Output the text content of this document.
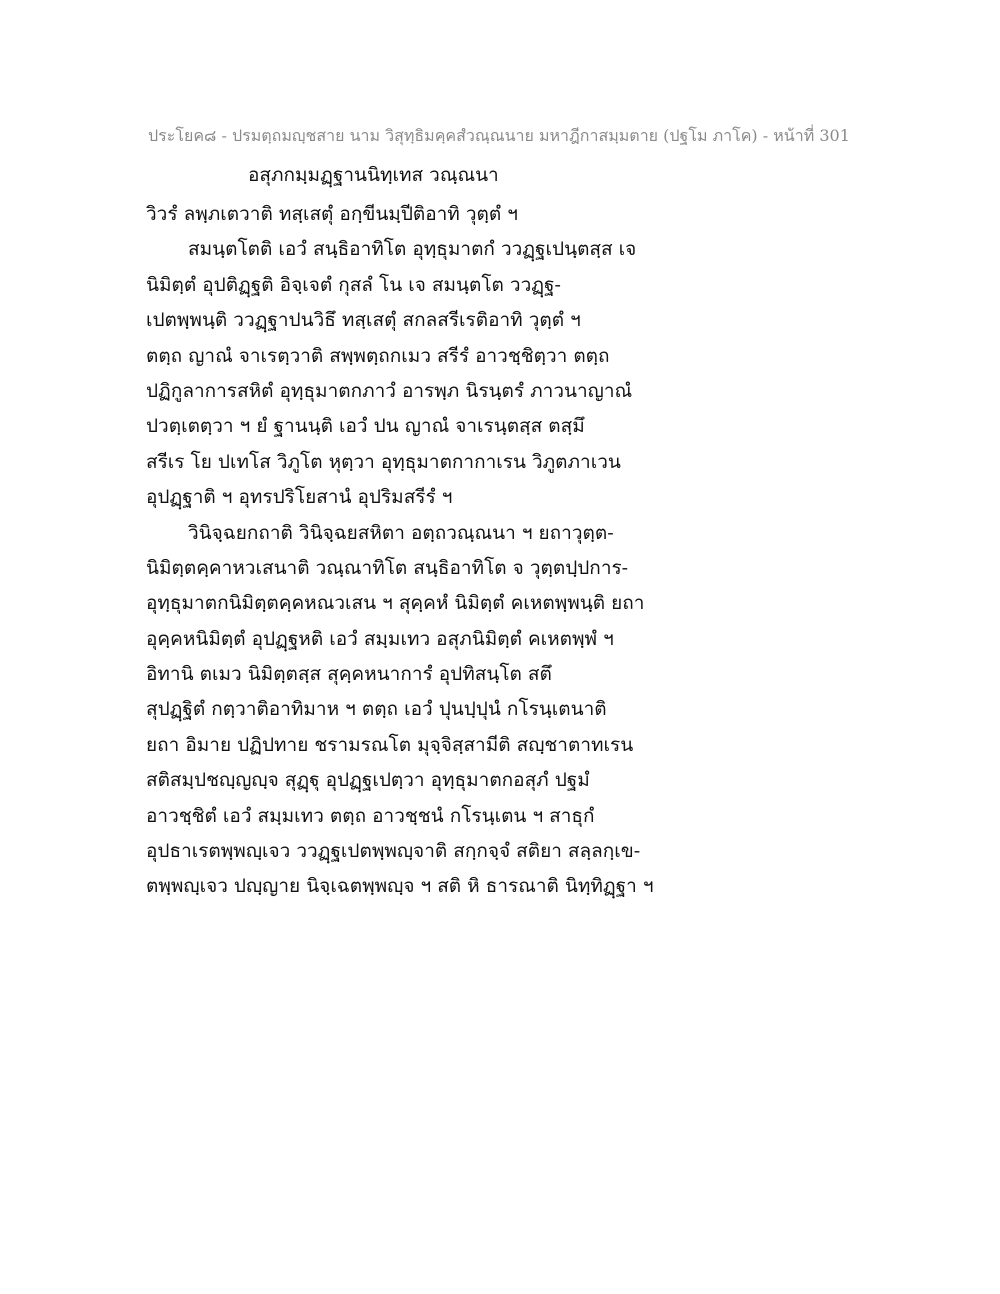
ประโยค๘ - ปรมตฺถมญฺชสาย นาม วิสุทฺธิมคฺคสํวณฺณนาย มหาฎีกาสมฺมตาย (ปฐโม ภาโค) - หน้าที่ 301
อสุภกมฺมฏฺฐานนิทฺเทส วณฺณนา
วิวรํ ลพฺภเตวาติ ทสฺเสตุํ อกฺขีนมฺปีติอาทิ วุตฺตํ ฯ
สมนฺตโตติ เอวํ สนฺธิอาทิโต อุทฺธุมาตกํ ววฏฺฐเปนฺตสฺส เจ
นิมิตฺตํ อุปติฏฺฐติ อิจฺเจตํ กุสลํ โน เจ สมนฺตโต ววฏฺฐ-
เปตพฺพนฺติ ววฏฺฐาปนวิธึ ทสฺเสตุํ สกลสรีเรติอาทิ วุตฺตํ ฯ
ตตฺถ ญาณํ จาเรตฺวาติ สพฺพตฺถกเมว สรีรํ อาวชฺชิตฺวา ตตฺถ
ปฏิกูลาการสหิตํ อุทฺธุมาตกภาวํ อารพฺภ นิรนฺตรํ ภาวนาญาณํ
ปวตฺเตตฺวา ฯ ยํ ฐานนฺติ เอวํ ปน ญาณํ จาเรนฺตสฺส ตสฺมึ
สรีเร โย ปเทโส วิภูโต หุตฺวา อุทฺธุมาตกากาเรน วิภูตภาเวน
อุปฏฺฐาติ ฯ อุทรปริโยสานํ อุปริมสรีรํ ฯ
วินิจฺฉยกถาติ วินิจฺฉยสหิตา อตฺถวณฺณนา ฯ ยถาวุตฺต-
นิมิตฺตคฺคาหวเสนาติ วณฺณาทิโต สนฺธิอาทิโต จ วุตฺตปฺปการ-
อุทฺธุมาตกนิมิตฺตคฺคหณวเสน ฯ สุคฺคหํ นิมิตฺตํ คเหตพฺพนฺติ ยถา
อุคฺคหนิมิตฺตํ อุปฏฺฐหติ เอวํ สมฺมเทว อสุภนิมิตฺตํ คเหตพฺพํ ฯ
อิทานิ ตเมว นิมิตฺตสฺส สุคฺคหนาการํ อุปทิสนฺโต สตึ
สุปฏฺฐิตํ กตฺวาติอาทิมาห ฯ ตตฺถ เอวํ ปุนปฺปุนํ กโรนฺเตนาติ
ยถา อิมาย ปฏิปทาย ชรามรณโต มุจฺจิสฺสามีติ สญฺชาตาทเรน
สติสมฺปชญฺญญฺจ สุฏฺฐุ อุปฏฺฐเปตฺวา อุทฺธุมาตกอสุภํ ปฐมํ
อาวชฺชิตํ เอวํ สมฺมเทว ตตฺถ อาวชฺชนํ กโรนฺเตน ฯ สาธุกํ
อุปธาเรตพฺพญฺเจว ววฏฺฐเปตพฺพญฺจาติ สกฺกจฺจํ สติยา สลฺลกฺเข-
ตพฺพญฺเจว ปญฺญาย นิจฺเฉตพฺพญฺจ ฯ สติ หิ ธารณาติ นิทฺทิฏฺฐา ฯ
